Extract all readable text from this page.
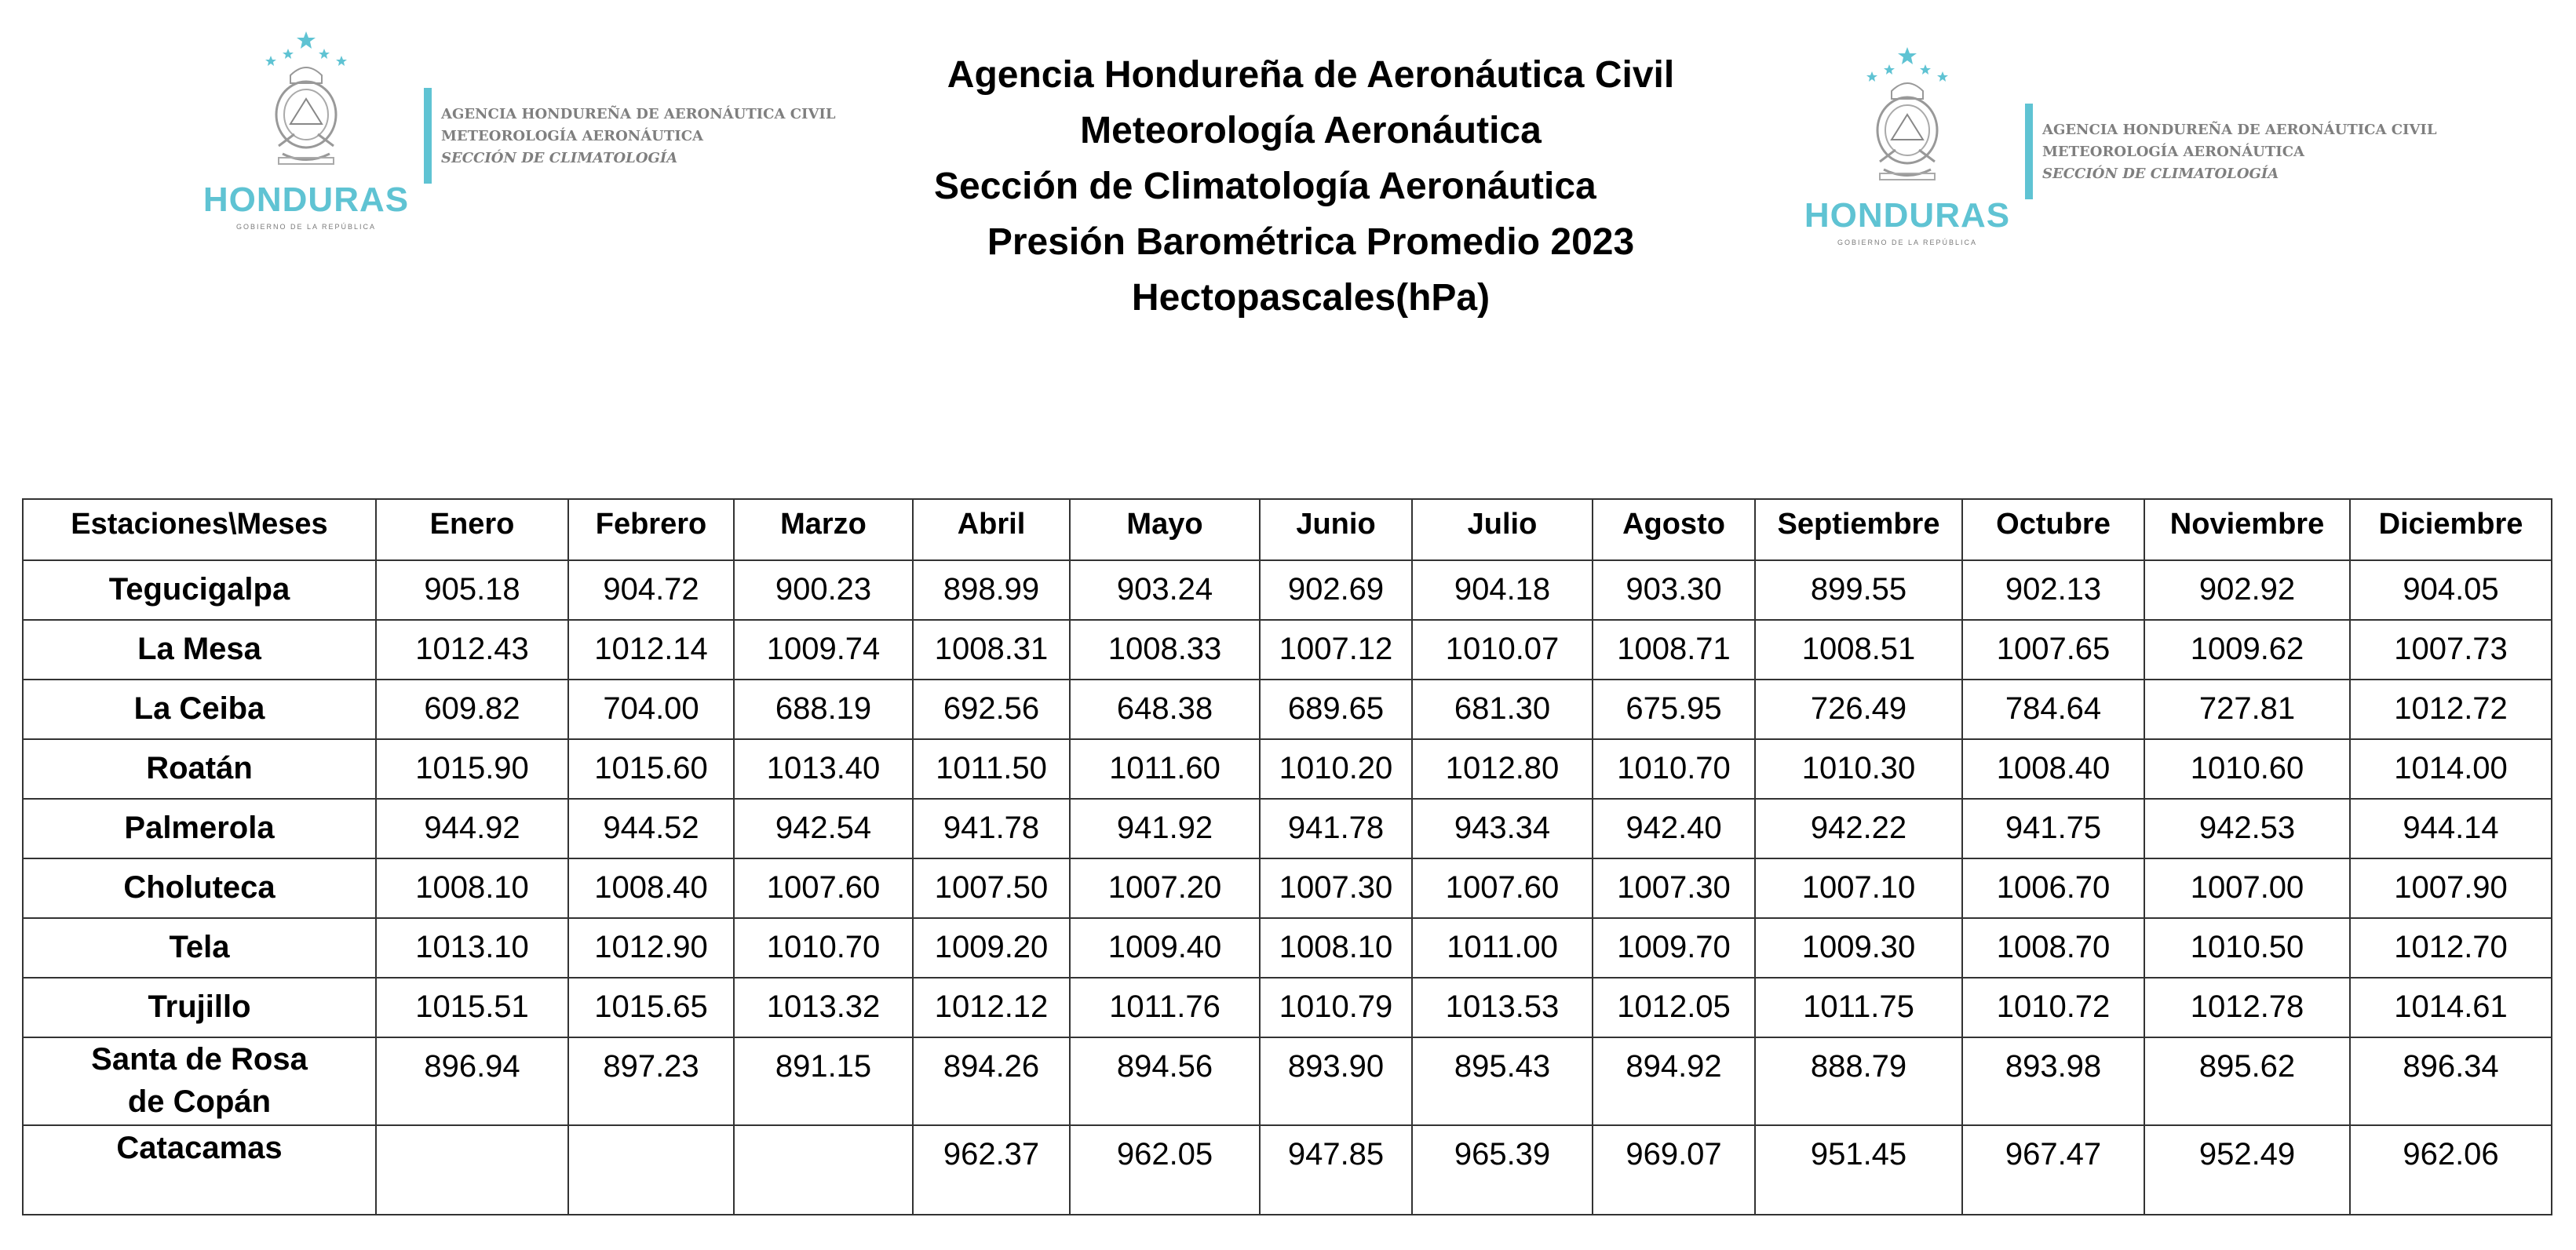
HONDURAS
GOBIERNO DE LA REPÚBLICA
AGENCIA HONDUREÑA DE AERONÁUTICA CIVIL
METEOROLOGÍA AERONÁUTICA
SECCIÓN DE CLIMATOLOGÍA
HONDURAS
GOBIERNO DE LA REPÚBLICA
AGENCIA HONDUREÑA DE AERONÁUTICA CIVIL
METEOROLOGÍA AERONÁUTICA
SECCIÓN DE CLIMATOLOGÍA
Agencia Hondureña de Aeronáutica Civil
Meteorología Aeronáutica
Sección de Climatología Aeronáutica
Presión Barométrica Promedio 2023
Hectopascales(hPa)
Estaciones\Meses	Enero	Febrero	Marzo	Abril	Mayo	Junio	Julio	Agosto	Septiembre	Octubre	Noviembre	Diciembre
Tegucigalpa	905.18	904.72	900.23	898.99	903.24	902.69	904.18	903.30	899.55	902.13	902.92	904.05
La Mesa	1012.43	1012.14	1009.74	1008.31	1008.33	1007.12	1010.07	1008.71	1008.51	1007.65	1009.62	1007.73
La Ceiba	609.82	704.00	688.19	692.56	648.38	689.65	681.30	675.95	726.49	784.64	727.81	1012.72
Roatán	1015.90	1015.60	1013.40	1011.50	1011.60	1010.20	1012.80	1010.70	1010.30	1008.40	1010.60	1014.00
Palmerola	944.92	944.52	942.54	941.78	941.92	941.78	943.34	942.40	942.22	941.75	942.53	944.14
Choluteca	1008.10	1008.40	1007.60	1007.50	1007.20	1007.30	1007.60	1007.30	1007.10	1006.70	1007.00	1007.90
Tela	1013.10	1012.90	1010.70	1009.20	1009.40	1008.10	1011.00	1009.70	1009.30	1008.70	1010.50	1012.70
Trujillo	1015.51	1015.65	1013.32	1012.12	1011.76	1010.79	1013.53	1012.05	1011.75	1010.72	1012.78	1014.61

Santa de Rosa
de Copán	896.94	897.23	891.15	894.26	894.56	893.90	895.43	894.92	888.79	893.98	895.62	896.34
Catacamas				962.37	962.05	947.85	965.39	969.07	951.45	967.47	952.49	962.06
